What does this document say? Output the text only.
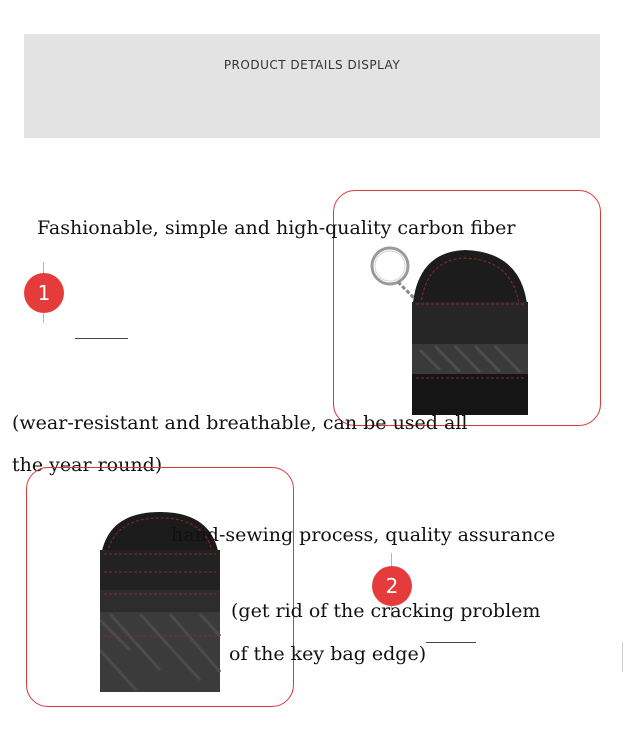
PRODUCT DETAILS DISPLAY
1
Fashionable, simple and high-quality carbon fiber
(wear-resistant and breathable, can be used all
the year round)
2
hand-sewing process, quality assurance
(get rid of the cracking problem
of the key bag edge)
